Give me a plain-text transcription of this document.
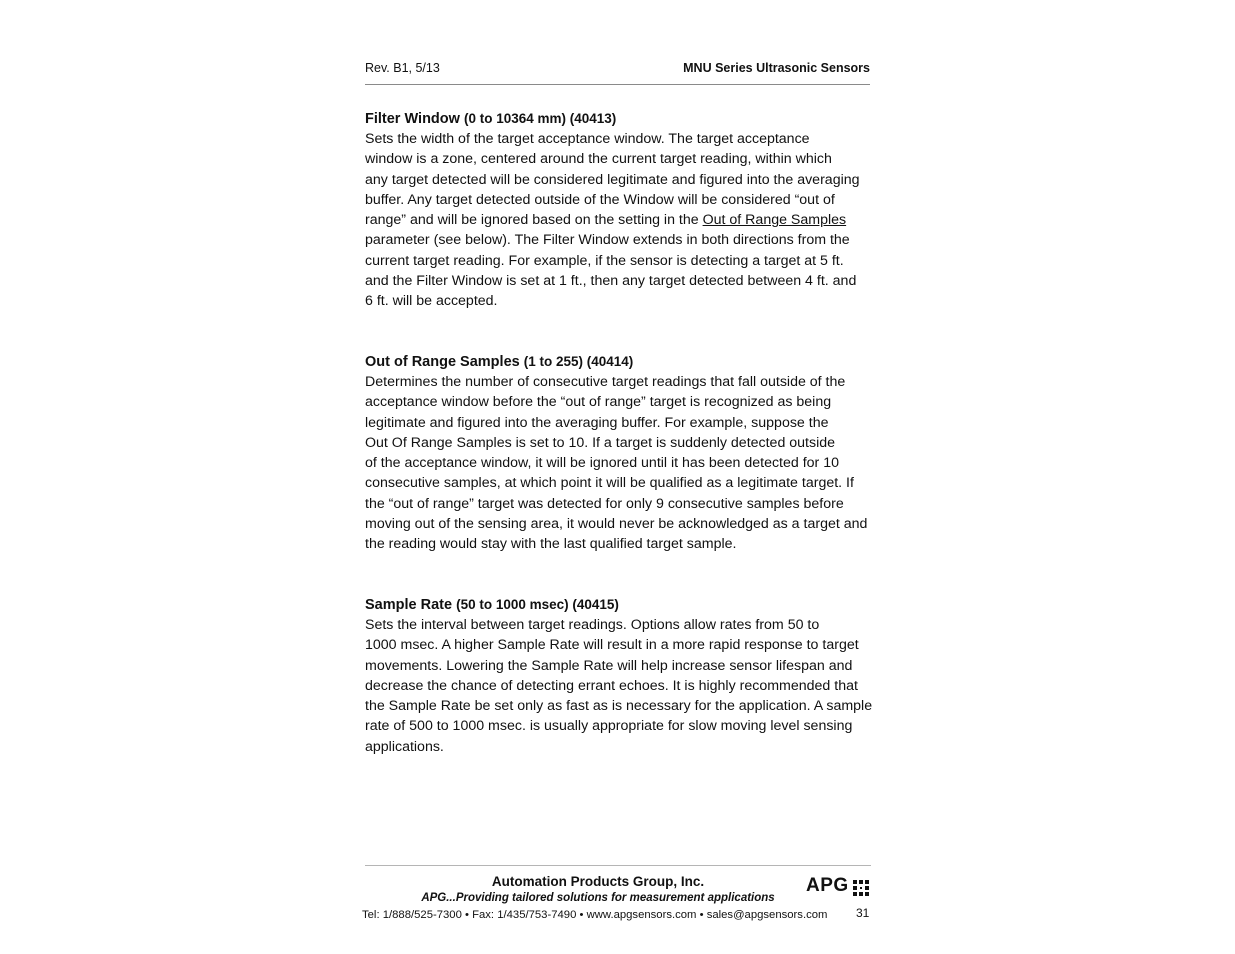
Rev. B1, 5/13	MNU Series Ultrasonic Sensors
Filter Window (0 to 10364 mm) (40413)
Sets the width of the target acceptance window. The target acceptance
window is a zone, centered around the current target reading, within which
any target detected will be considered legitimate and figured into the averaging
buffer. Any target detected outside of the Window will be considered “out of
range” and will be ignored based on the setting in the Out of Range Samples
parameter (see below). The Filter Window extends in both directions from the
current target reading. For example, if the sensor is detecting a target at 5 ft.
and the Filter Window is set at 1 ft., then any target detected between 4 ft. and
6 ft. will be accepted.
Out of Range Samples (1 to 255) (40414)
Determines the number of consecutive target readings that fall outside of the
acceptance window before the “out of range” target is recognized as being
legitimate and figured into the averaging buffer. For example, suppose the
Out Of Range Samples is set to 10. If a target is suddenly detected outside
of the acceptance window, it will be ignored until it has been detected for 10
consecutive samples, at which point it will be qualified as a legitimate target. If
the “out of range” target was detected for only 9 consecutive samples before
moving out of the sensing area, it would never be acknowledged as a target and
the reading would stay with the last qualified target sample.
Sample Rate (50 to 1000 msec) (40415)
Sets the interval between target readings. Options allow rates from 50 to
1000 msec. A higher Sample Rate will result in a more rapid response to target
movements. Lowering the Sample Rate will help increase sensor lifespan and
decrease the chance of detecting errant echoes. It is highly recommended that
the Sample Rate be set only as fast as is necessary for the application. A sample
rate of 500 to 1000 msec. is usually appropriate for slow moving level sensing
applications.
Automation Products Group, Inc.
APG...Providing tailored solutions for measurement applications
Tel: 1/888/525-7300 • Fax: 1/435/753-7490 • www.apgsensors.com • sales@apgsensors.com
APG
31
